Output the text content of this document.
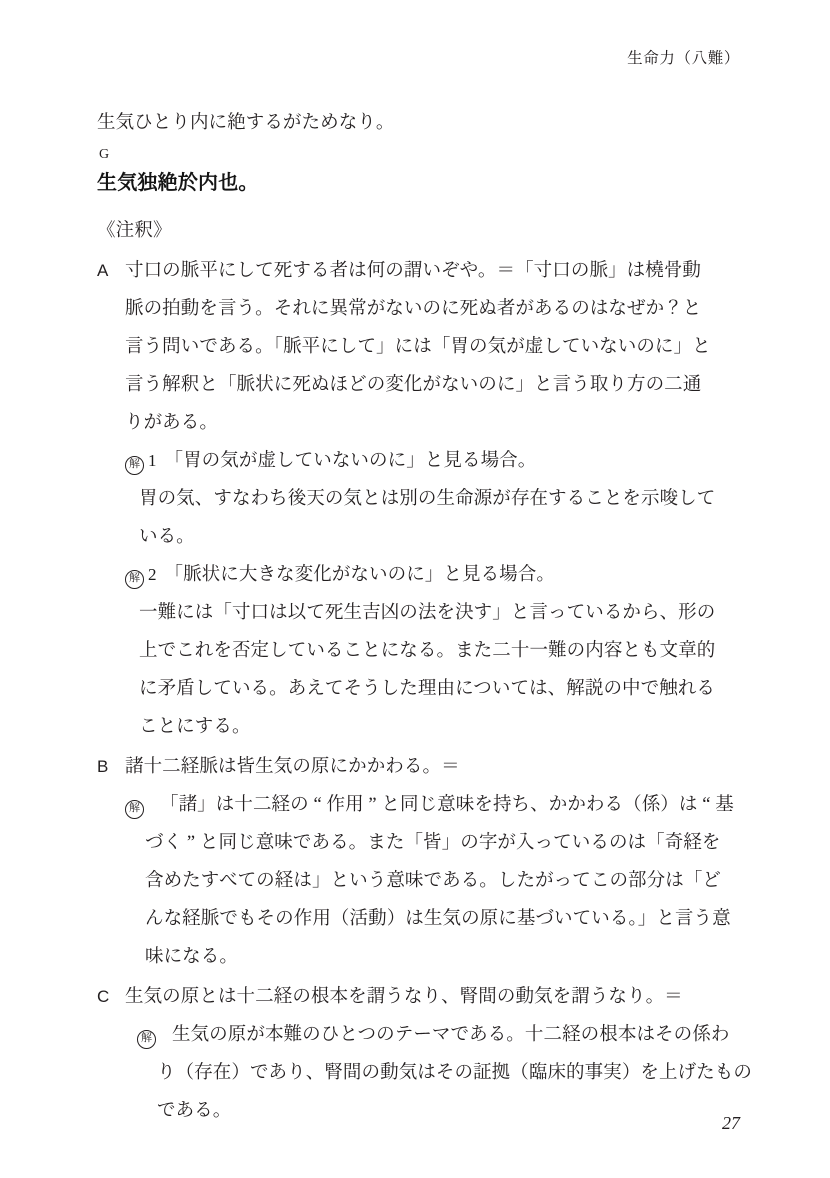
生命力（八難）
生気ひとり内に絶するがためなり。
G
生気独絶於内也。
《注釈》
A 寸口の脈平にして死する者は何の謂いぞや。＝「寸口の脈」は橈骨動
脈の拍動を言う。それに異常がないのに死ぬ者があるのはなぜか？と
言う問いである。「脈平にして」には「胃の気が虚していないのに」と
言う解釈と「脈状に死ぬほどの変化がないのに」と言う取り方の二通
りがある。
解 1 「胃の気が虚していないのに」と見る場合。
胃の気、すなわち後天の気とは別の生命源が存在することを示唆して
いる。
解 2 「脈状に大きな変化がないのに」と見る場合。
一難には「寸口は以て死生吉凶の法を決す」と言っているから、形の
上でこれを否定していることになる。また二十一難の内容とも文章的
に矛盾している。あえてそうした理由については、解説の中で触れる
ことにする。
B 諸十二経脈は皆生気の原にかかわる。＝
解	「諸」は十二経の “ 作用 ” と同じ意味を持ち、かかわる（係）は “ 基
づく ” と同じ意味である。また「皆」の字が入っているのは「奇経を
含めたすべての経は」という意味である。したがってこの部分は「ど
んな経脈でもその作用（活動）は生気の原に基づいている。」と言う意
味になる。
C 生気の原とは十二経の根本を謂うなり、腎間の動気を謂うなり。＝
解	生気の原が本難のひとつのテーマである。十二経の根本はその係わ
り（存在）であり、腎間の動気はその証拠（臨床的事実）を上げたもの
である。
27
